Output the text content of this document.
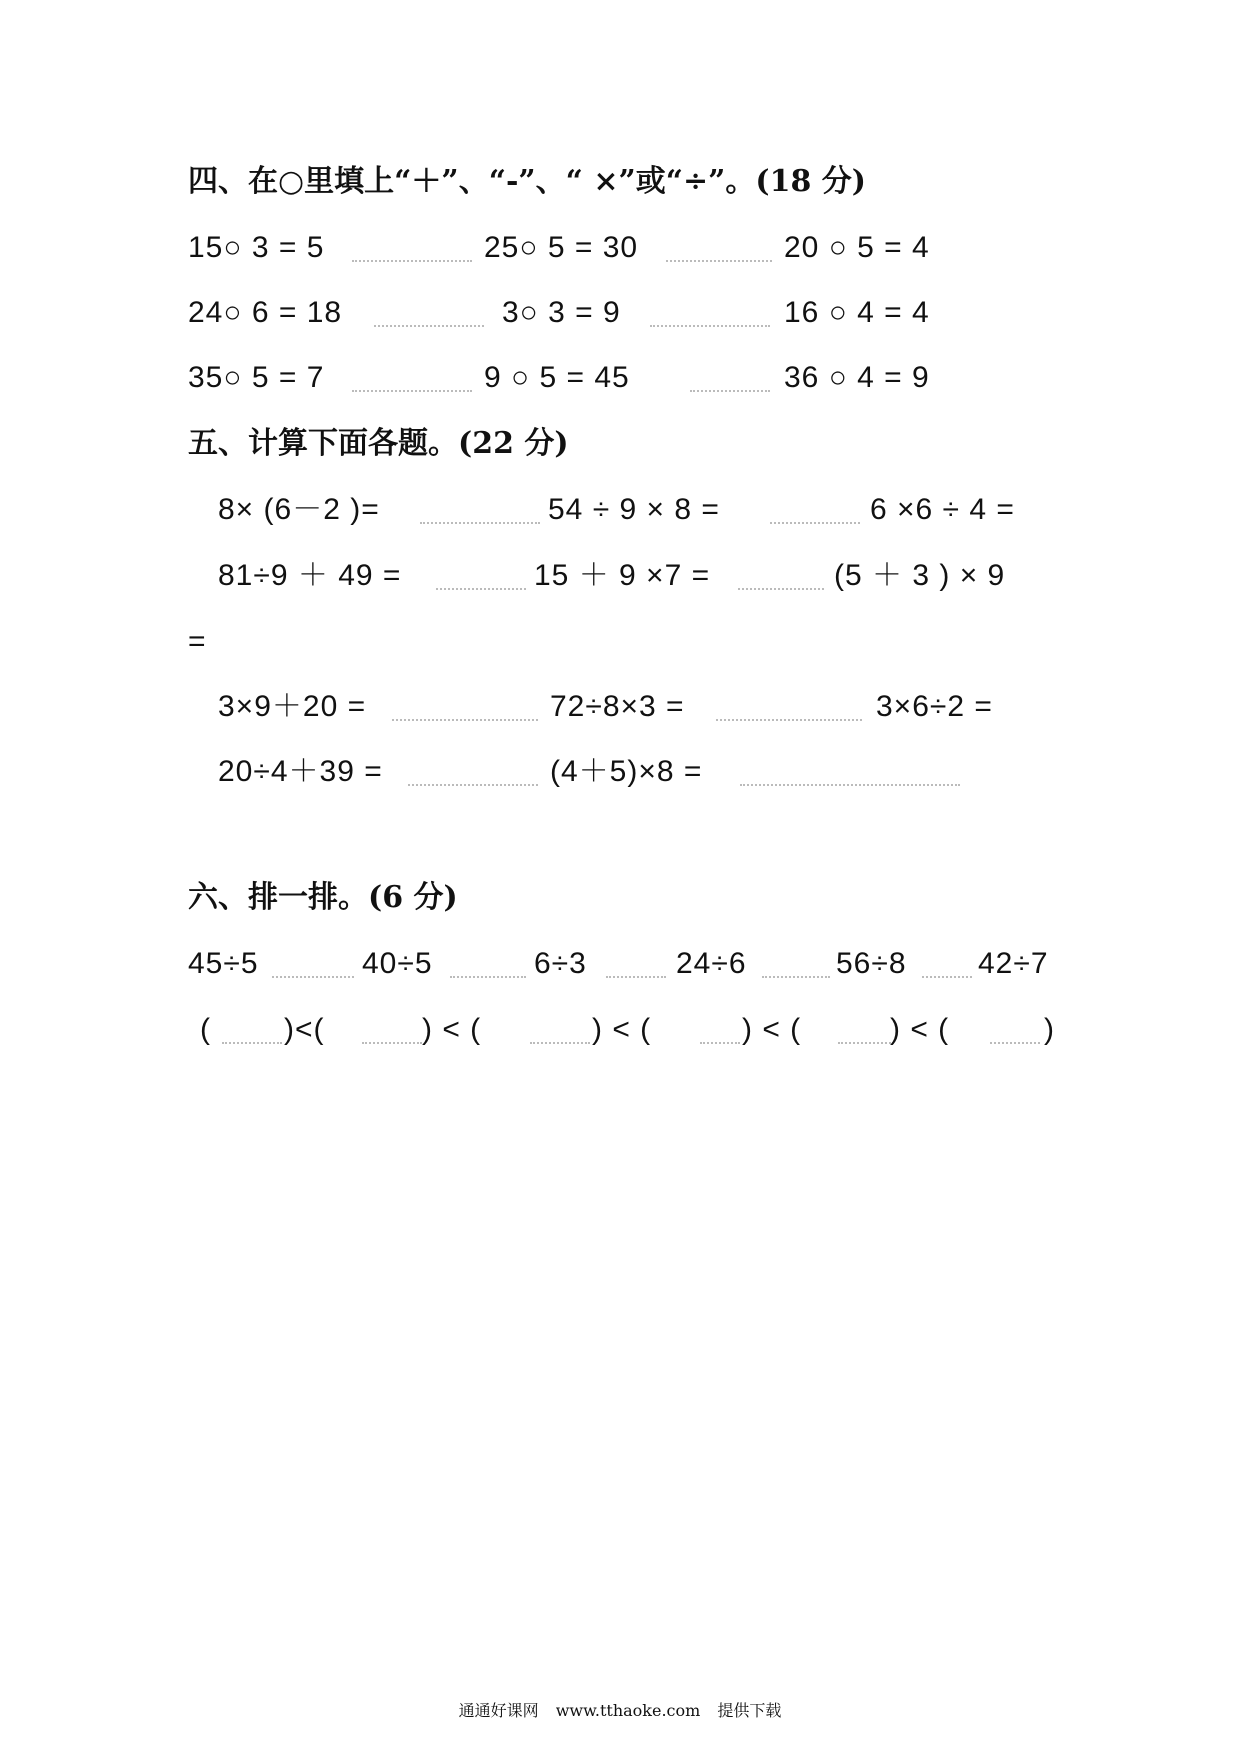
四、在○里填上“＋”、“-”、“ ×”或“÷”。(18 分)
15○ 3 = 5	25○ 5 = 30	20 ○ 5 = 4
24○ 6 = 18	3○ 3 = 9	16 ○ 4 = 4
35○ 5 = 7	9 ○ 5 = 45	36 ○ 4 = 9
五、计算下面各题。(22 分)
8× (6－2 )=	54 ÷ 9 × 8 =	6 ×6 ÷ 4 =
81÷9 ＋ 49 =	15 ＋ 9 ×7 =	(5 ＋ 3 ) × 9
=
3×9＋20 =	72÷8×3 =	3×6÷2 =
20÷4＋39 =	(4＋5)×8 =
六、排一排。(6 分)
45÷5	40÷5	6÷3	24÷6	56÷8 42÷7
( )<(	) < (	) < (	) < (	) < (	)
通通好课网 www.tthaoke.com 提供下载
